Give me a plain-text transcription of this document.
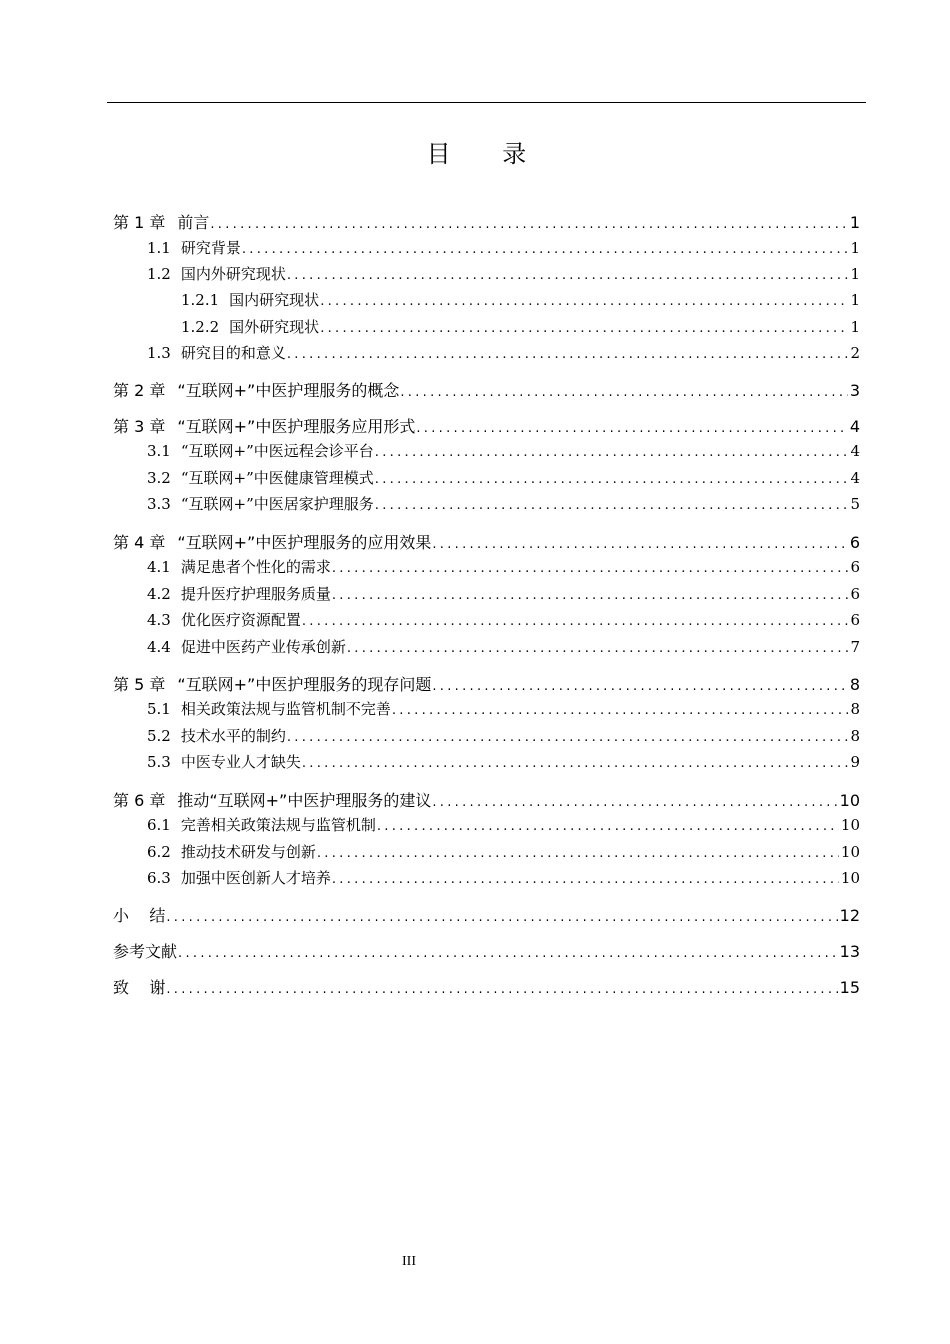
目 录
第 1 章 前言 .....	1
1.1 研究背景 .....	1
1.2 国内外研究现状 .....	1
1.2.1 国内研究现状 .....	1
1.2.2 国外研究现状 .....	1
1.3 研究目的和意义 .....	2
第 2 章 “互联网+”中医护理服务的概念 .....	3
第 3 章 “互联网+”中医护理服务应用形式 .....	4
3.1 “互联网+”中医远程会诊平台 .....	4
3.2 “互联网+”中医健康管理模式 .....	4
3.3 “互联网+”中医居家护理服务 .....	5
第 4 章 “互联网+”中医护理服务的应用效果 .....	6
4.1 满足患者个性化的需求 .....	6
4.2 提升医疗护理服务质量 .....	6
4.3 优化医疗资源配置 .....	6
4.4 促进中医药产业传承创新 .....	7
第 5 章 “互联网+”中医护理服务的现存问题 .....	8
5.1 相关政策法规与监管机制不完善 .....	8
5.2 技术水平的制约 .....	8
5.3 中医专业人才缺失 .....	9
第 6 章 推动“互联网+”中医护理服务的建议 .....	10
6.1 完善相关政策法规与监管机制 .....	10
6.2 推动技术研发与创新 .....	10
6.3 加强中医创新人才培养 .....	10
小    结 .....	12
参考文献 .....	13
致    谢 .....	15
III
